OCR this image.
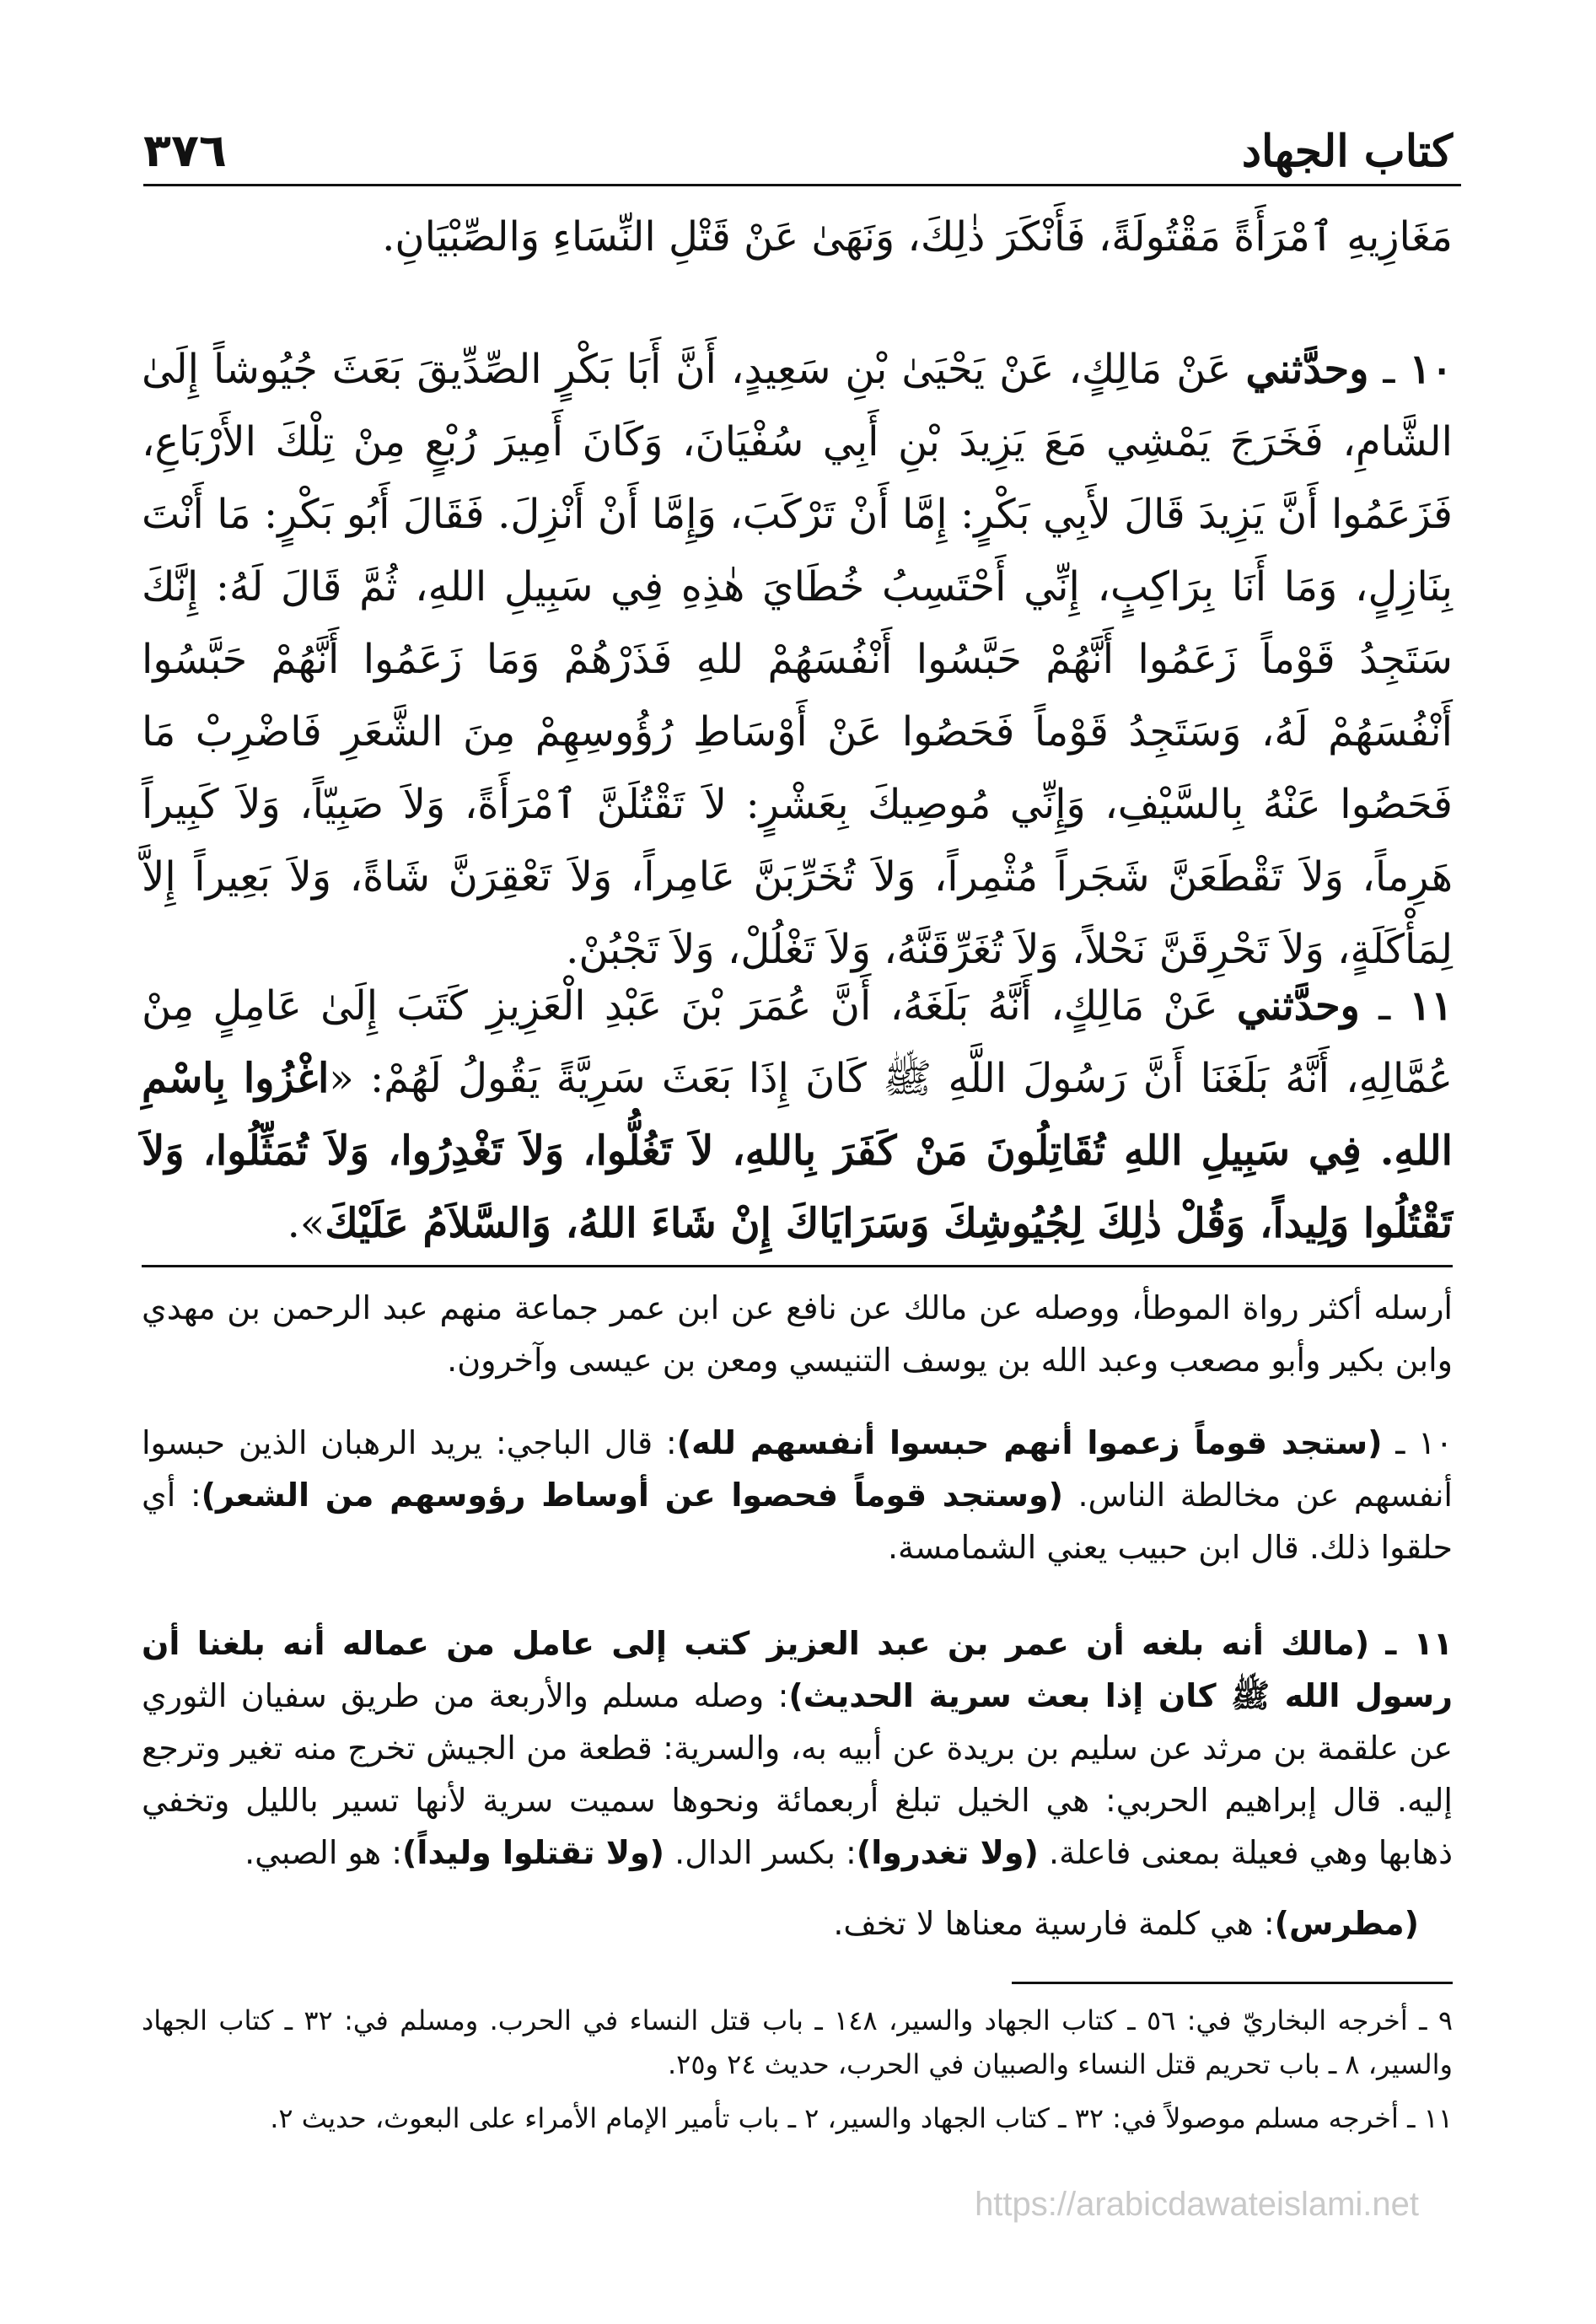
٣٧٦	كتاب الجهاد

مَغَازِيهِ ٱمْرَأَةً مَقْتُولَةً، فَأَنْكَرَ ذٰلِكَ، وَنَهَىٰ عَنْ قَتْلِ النِّسَاءِ وَالصِّبْيَانِ.

١٠ ـ وحدَّثني عَنْ مَالِكٍ، عَنْ يَحْيَىٰ بْنِ سَعِيدٍ، أَنَّ أَبَا بَكْرٍ الصِّدِّيقَ بَعَثَ جُيُوشاً إِلَىٰ الشَّامِ، فَخَرَجَ يَمْشِي مَعَ يَزِيدَ بْنِ أَبِي سُفْيَانَ، وَكَانَ أَمِيرَ رُبْعٍ مِنْ تِلْكَ الأَرْبَاعِ، فَزَعَمُوا أَنَّ يَزِيدَ قَالَ لأَبِي بَكْرٍ: إِمَّا أَنْ تَرْكَبَ، وَإِمَّا أَنْ أَنْزِلَ. فَقَالَ أَبُو بَكْرٍ: مَا أَنْتَ بِنَازِلٍ، وَمَا أَنَا بِرَاكِبٍ، إِنِّي أَحْتَسِبُ خُطَايَ هٰذِهِ فِي سَبِيلِ اللهِ، ثُمَّ قَالَ لَهُ: إِنَّكَ سَتَجِدُ قَوْماً زَعَمُوا أَنَّهُمْ حَبَّسُوا أَنْفُسَهُمْ للهِ فَذَرْهُمْ وَمَا زَعَمُوا أَنَّهُمْ حَبَّسُوا أَنْفُسَهُمْ لَهُ، وَسَتَجِدُ قَوْماً فَحَصُوا عَنْ أَوْسَاطِ رُؤُوسِهِمْ مِنَ الشَّعَرِ فَاضْرِبْ مَا فَحَصُوا عَنْهُ بِالسَّيْفِ، وَإِنِّي مُوصِيكَ بِعَشْرٍ: لاَ تَقْتُلَنَّ ٱمْرَأَةً، وَلاَ صَبِيّاً، وَلاَ كَبِيراً هَرِماً، وَلاَ تَقْطَعَنَّ شَجَراً مُثْمِراً، وَلاَ تُخَرِّبَنَّ عَامِراً، وَلاَ تَعْقِرَنَّ شَاةً، وَلاَ بَعِيراً إِلاَّ لِمَأْكَلَةٍ، وَلاَ تَحْرِقَنَّ نَحْلاً، وَلاَ تُغَرِّقَنَّهُ، وَلاَ تَغْلُلْ، وَلاَ تَجْبُنْ.

١١ ـ وحدَّثني عَنْ مَالِكٍ، أَنَّهُ بَلَغَهُ، أَنَّ عُمَرَ بْنَ عَبْدِ الْعَزِيزِ كَتَبَ إِلَىٰ عَامِلٍ مِنْ عُمَّالِهِ، أَنَّهُ بَلَغَنَا أَنَّ رَسُولَ اللَّهِ ﷺ كَانَ إِذَا بَعَثَ سَرِيَّةً يَقُولُ لَهُمْ: «اغْزُوا بِاسْمِ اللهِ. فِي سَبِيلِ اللهِ تُقَاتِلُونَ مَنْ كَفَرَ بِاللهِ، لاَ تَغُلُّوا، وَلاَ تَغْدِرُوا، وَلاَ تُمَثِّلُوا، وَلاَ تَقْتُلُوا وَلِيداً، وَقُلْ ذٰلِكَ لِجُيُوشِكَ وَسَرَايَاكَ إِنْ شَاءَ اللهُ، وَالسَّلاَمُ عَلَيْكَ».

أرسله أكثر رواة الموطأ، ووصله عن مالك عن نافع عن ابن عمر جماعة منهم عبد الرحمن بن مهدي وابن بكير وأبو مصعب وعبد الله بن يوسف التنيسي ومعن بن عيسى وآخرون.

١٠ ـ (ستجد قوماً زعموا أنهم حبسوا أنفسهم لله): قال الباجي: يريد الرهبان الذين حبسوا أنفسهم عن مخالطة الناس. (وستجد قوماً فحصوا عن أوساط رؤوسهم من الشعر): أي حلقوا ذلك. قال ابن حبيب يعني الشمامسة.

١١ ـ (مالك أنه بلغه أن عمر بن عبد العزيز كتب إلى عامل من عماله أنه بلغنا أن رسول الله ﷺ كان إذا بعث سرية الحديث): وصله مسلم والأربعة من طريق سفيان الثوري عن علقمة بن مرثد عن سليم بن بريدة عن أبيه به، والسرية: قطعة من الجيش تخرج منه تغير وترجع إليه. قال إبراهيم الحربي: هي الخيل تبلغ أربعمائة ونحوها سميت سرية لأنها تسير بالليل وتخفي ذهابها وهي فعيلة بمعنى فاعلة. (ولا تغدروا): بكسر الدال. (ولا تقتلوا وليداً): هو الصبي.

(مطرس): هي كلمة فارسية معناها لا تخف.

٩ ـ أخرجه البخاريّ في: ٥٦ ـ كتاب الجهاد والسير، ١٤٨ ـ باب قتل النساء في الحرب. ومسلم في: ٣٢ ـ كتاب الجهاد والسير، ٨ ـ باب تحريم قتل النساء والصبيان في الحرب، حديث ٢٤ و٢٥.

١١ ـ أخرجه مسلم موصولاً في: ٣٢ ـ كتاب الجهاد والسير، ٢ ـ باب تأمير الإمام الأمراء على البعوث، حديث ٢.

https://arabicdawateislami.net
